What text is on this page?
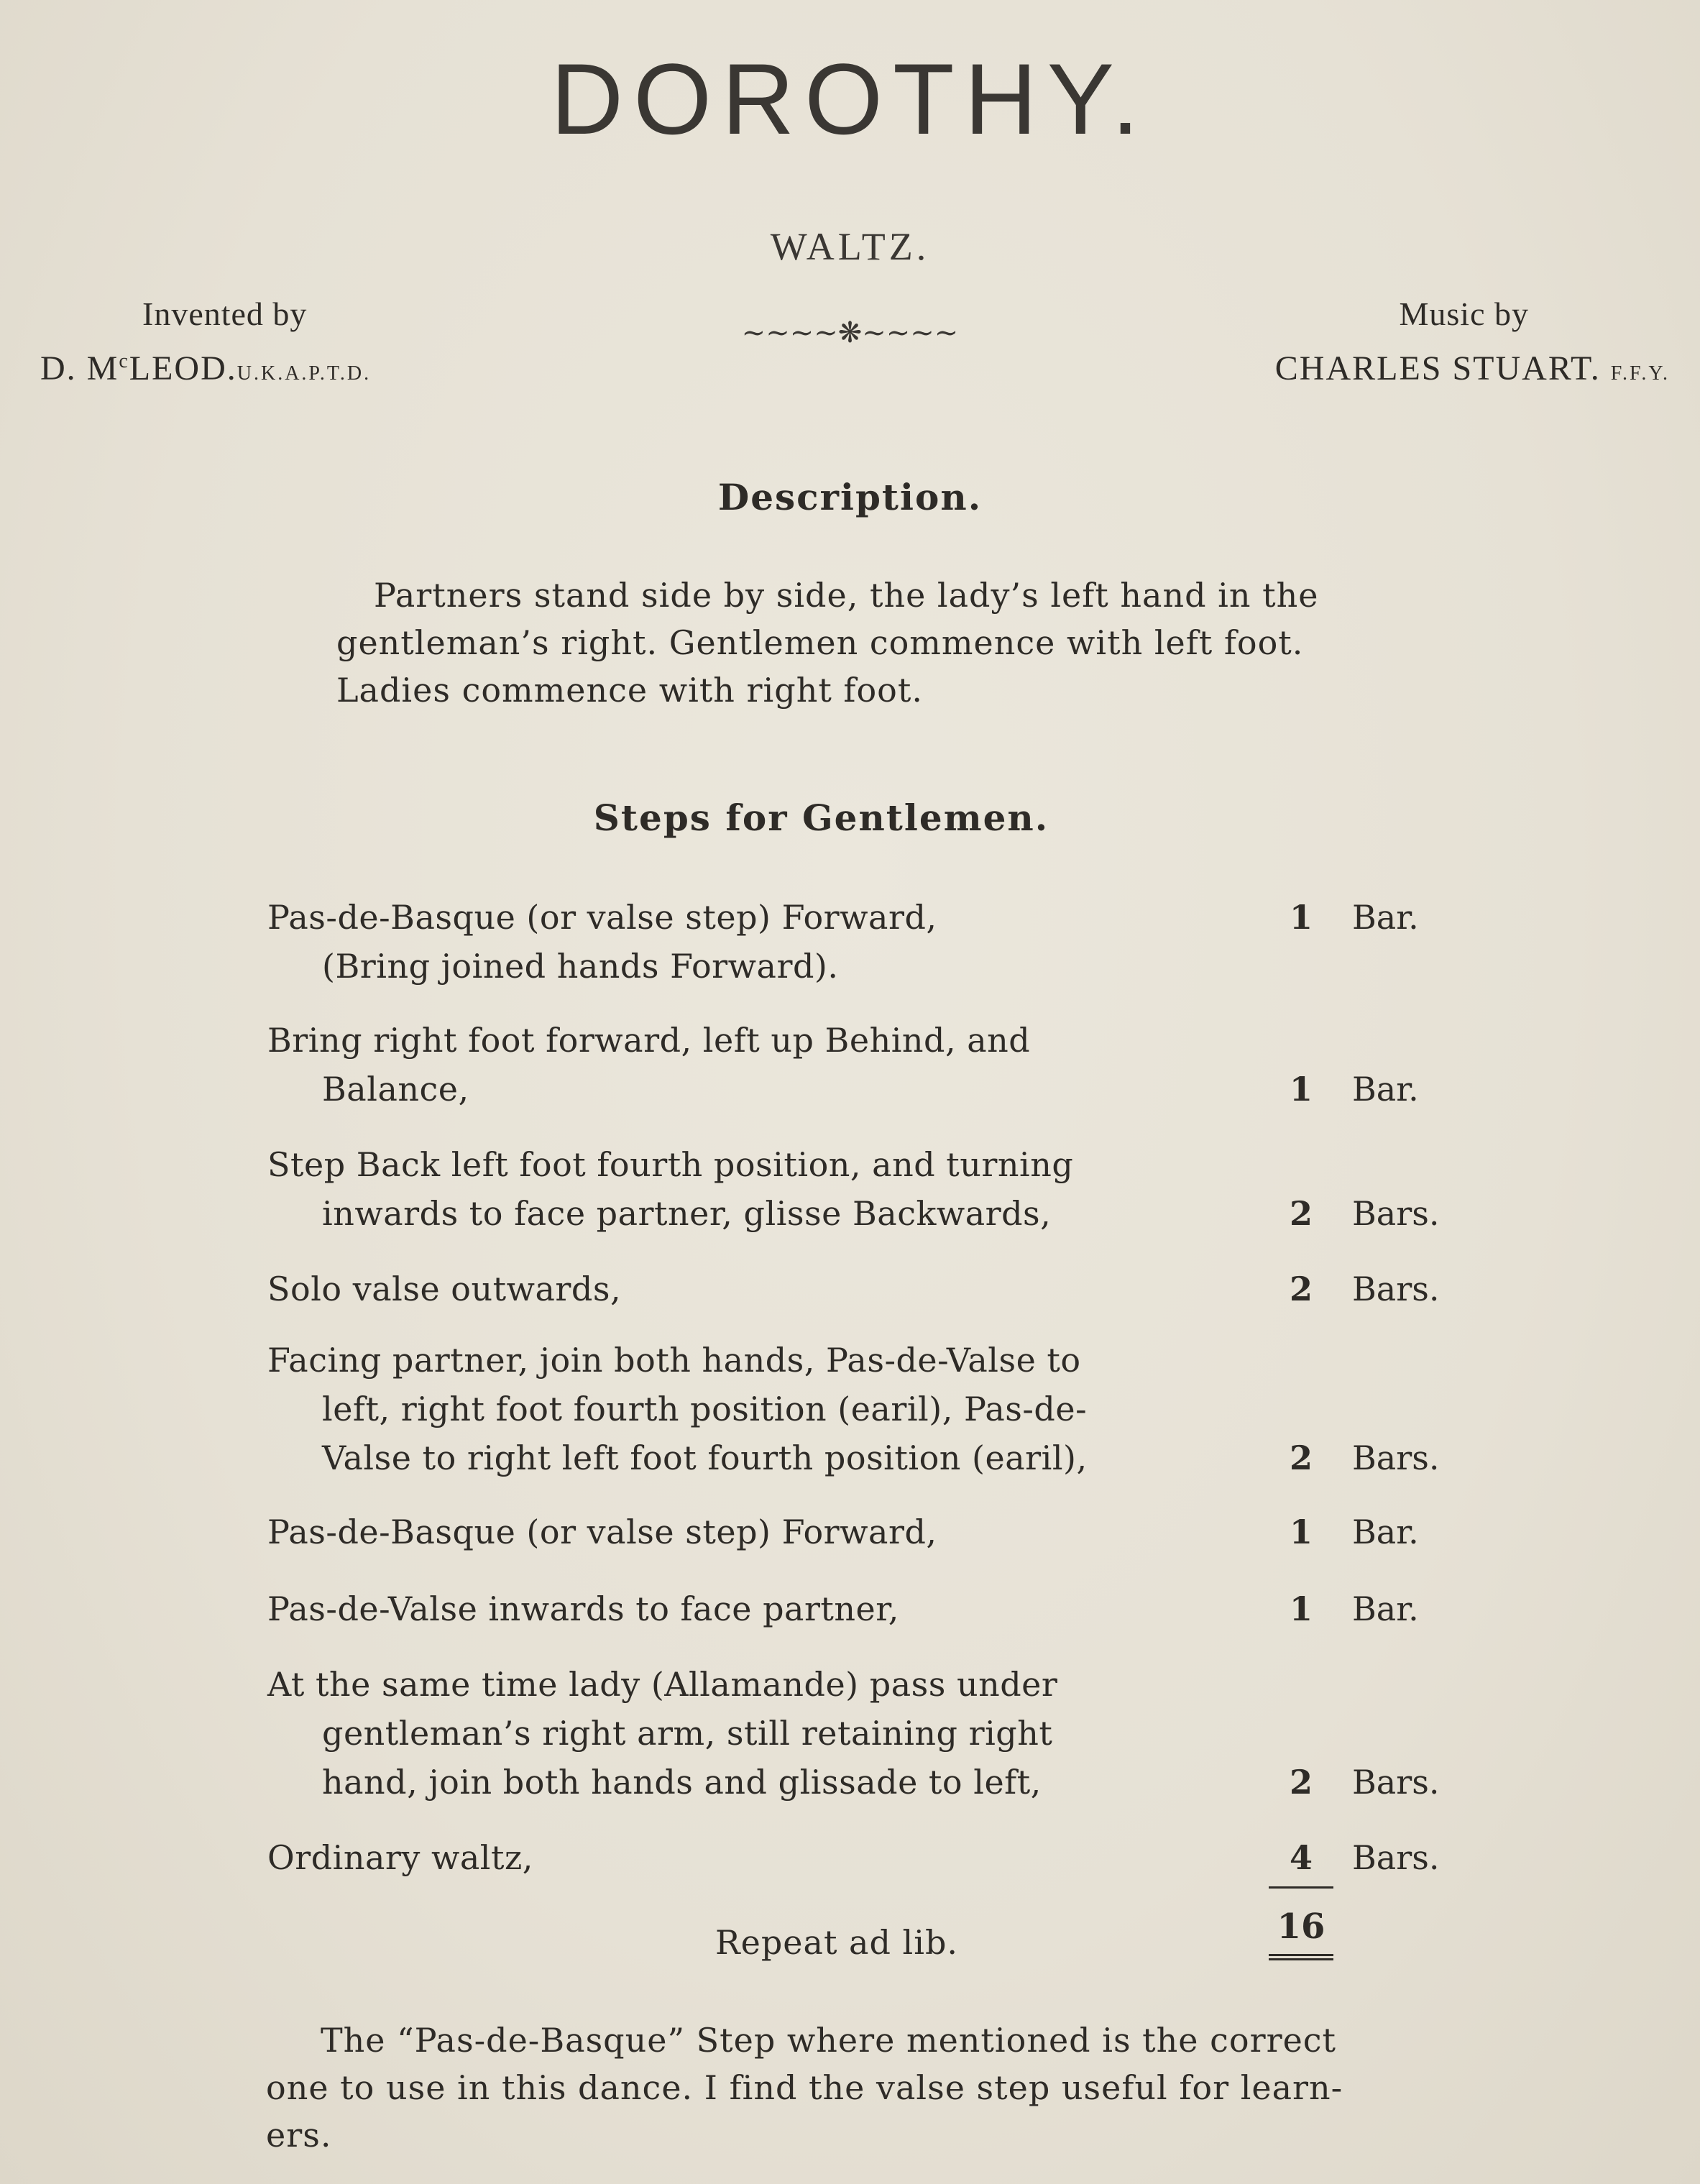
DOROTHY.
WALTZ.
~~~~❋~~~~
Invented by
D. $M^cLEOD.U.K.A.P.T.D$.
Music by
CHARLES STUART. F.F.Y.
Description.
Partners stand side by side, the lady’s left hand in the
gentleman’s right. Gentlemen commence with left foot.
Ladies commence with right foot.
Steps for Gentlemen.
Pas-de-Basque (or valse step) Forward,
(Bring joined hands Forward).
1 Bar.
Bring right foot forward, left up Behind, and
Balance,	1 Bar.
Step Back left foot fourth position, and turning
inwards to face partner, glisse Backwards,	2 Bars.
Solo valse outwards,	2 Bars.
Facing partner, join both hands, Pas-de-Valse to
left, right foot fourth position (earil), Pas-de-
Valse to right left foot fourth position (earil),	2 Bars.
Pas-de-Basque (or valse step) Forward,	1 Bar.
Pas-de-Valse inwards to face partner,	1 Bar.
At the same time lady (Allamande) pass under
gentleman’s right arm, still retaining right
hand, join both hands and glissade to left,	2 Bars.
Ordinary waltz,	4 Bars.
16
Repeat ad lib.
The “Pas-de-Basque” Step where mentioned is the correct
one to use in this dance. I find the valse step useful for learn-
ers.
